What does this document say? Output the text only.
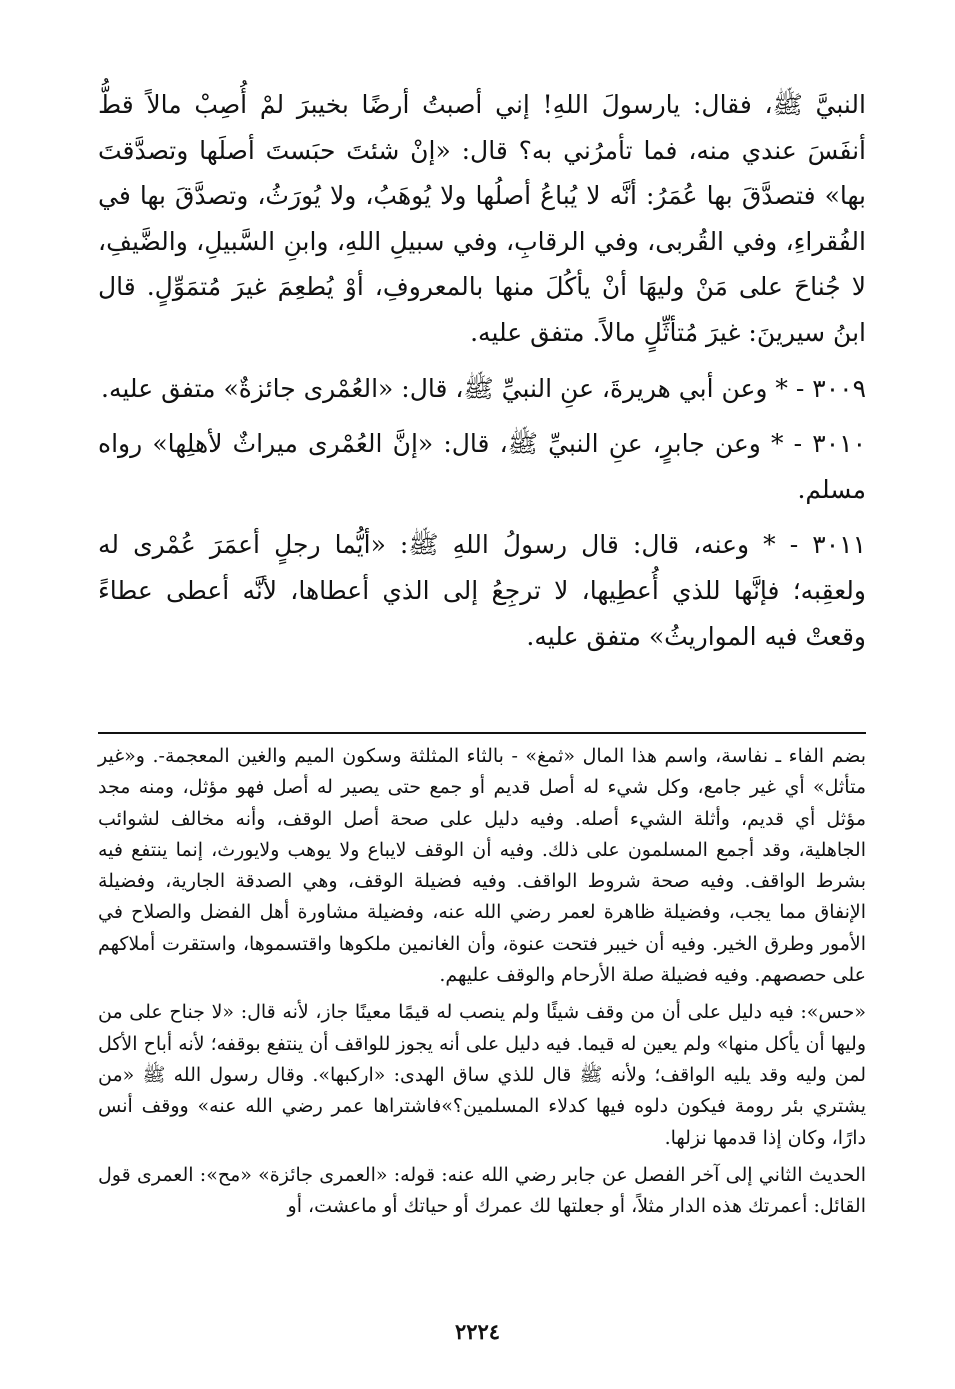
النبيَّ ﷺ، فقال: يارسولَ اللهِ! إني أصبتُ أرضًا بخيبرَ لمْ أُصِبْ مالاً قطُّ أنفَسَ عندي منه، فما تأمرُني به؟ قال: «إنْ شئتَ حبَستَ أصلَها وتصدَّقتَ بها» فتصدَّقَ بها عُمَرُ: أنَّه لا يُباعُ أصلُها ولا يُوهَبُ، ولا يُورَثُ، وتصدَّقَ بها في الفُقراءِ، وفي القُربى، وفي الرقابِ، وفي سبيلِ اللهِ، وابنِ السَّبيلِ، والضَّيفِ، لا جُناحَ على مَنْ وليهَا أنْ يأكُلَ منها بالمعروفِ، أوْ يُطعِمَ غيرَ مُتمَوِّلٍ. قال ابنُ سيرينَ: غيرَ مُتأثِّلٍ مالاً. متفق عليه.

٣٠٠٩ - * وعن أبي هريرةَ، عنِ النبيِّ ﷺ، قال: «العُمْرى جائزةٌ» متفق عليه.

٣٠١٠ - * وعن جابرٍ، عنِ النبيِّ ﷺ، قال: «إنَّ العُمْرى ميراثٌ لأهلِها» رواه مسلم.

٣٠١١ - * وعنه، قال: قال رسولُ اللهِ ﷺ: «أيُّما رجلٍ أعمَرَ عُمْرى له ولعقِبه؛ فإنَّها للذي أُعطِيها، لا ترجِعُ إلى الذي أعطاها، لأنَّه أعطى عطاءً وقعتْ فيه المواريثُ» متفق عليه.

بضم الفاء ـ نفاسة، واسم هذا المال «ثمغ» - بالثاء المثلثة وسكون الميم والغين المعجمة-. و«غير متأثل» أي غير جامع، وكل شيء له أصل قديم أو جمع حتى يصير له أصل فهو مؤثل، ومنه مجد مؤثل أي قديم، وأثلة الشيء أصله. وفيه دليل على صحة أصل الوقف، وأنه مخالف لشوائب الجاهلية، وقد أجمع المسلمون على ذلك. وفيه أن الوقف لايباع ولا يوهب ولايورث، إنما ينتفع فيه بشرط الواقف. وفيه صحة شروط الواقف. وفيه فضيلة الوقف، وهي الصدقة الجارية، وفضيلة الإنفاق مما يجب، وفضيلة ظاهرة لعمر رضي الله عنه، وفضيلة مشاورة أهل الفضل والصلاح في الأمور وطرق الخير. وفيه أن خيبر فتحت عنوة، وأن الغانمين ملكوها واقتسموها، واستقرت أملاكهم على حصصهم. وفيه فضيلة صلة الأرحام والوقف عليهم.

«حس»: فيه دليل على أن من وقف شيئًا ولم ينصب له قيمًا معينًا جاز، لأنه قال: «لا جناح على من وليها أن يأكل منها» ولم يعين له قيما. فيه دليل على أنه يجوز للواقف أن ينتفع بوقفه؛ لأنه أباح الأكل لمن وليه وقد يليه الواقف؛ ولأنه ﷺ قال للذي ساق الهدى: «اركبها». وقال رسول الله ﷺ «من يشتري بئر رومة فيكون دلوه فيها كدلاء المسلمين؟»فاشتراها عمر رضي الله عنه» ووقف أنس دارًا، وكان إذا قدمها نزلها.

الحديث الثاني إلى آخر الفصل عن جابر رضي الله عنه: قوله: «العمرى جائزة» «مح»: العمرى قول القائل: أعمرتك هذه الدار مثلاً، أو جعلتها لك عمرك أو حياتك أو ماعشت، أو

٢٢٢٤
